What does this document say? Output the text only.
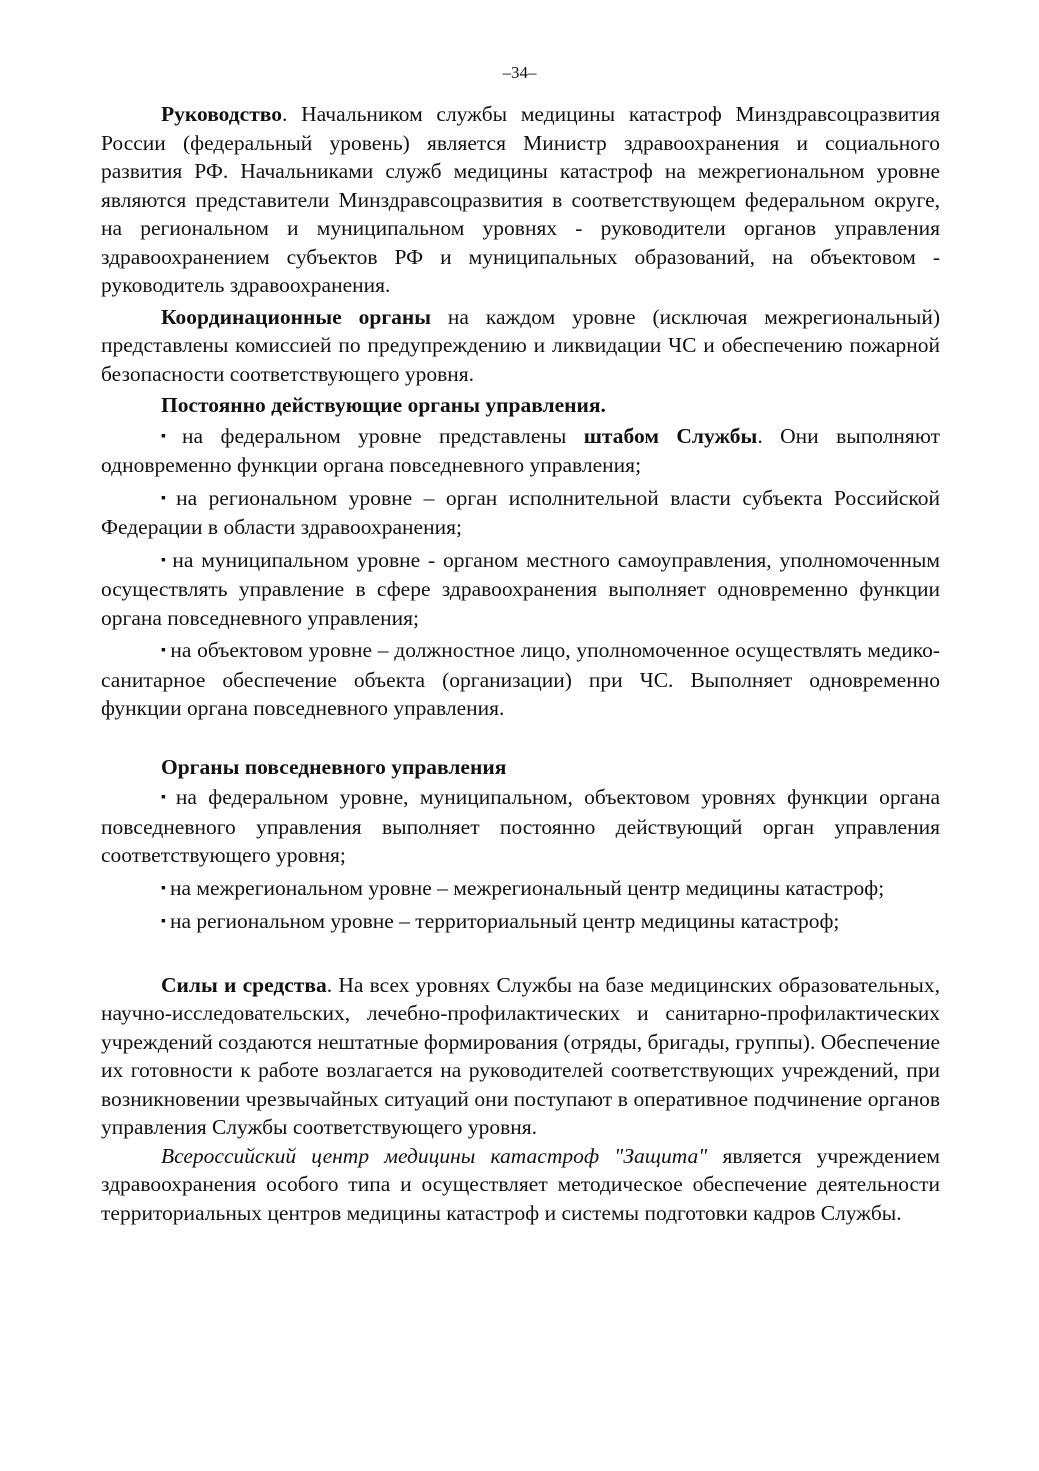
–34–

Руководство. Начальником службы медицины катастроф Минздравсоцразвития России (федеральный уровень) является Министр здравоохранения и социального развития РФ. Начальниками служб медицины катастроф на межрегиональном уровне являются представители Минздравсоцразвития в соответствующем федеральном округе, на региональном и муниципальном уровнях - руководители органов управления здравоохранением субъектов РФ и муниципальных образований, на объектовом - руководитель здравоохранения.

Координационные органы на каждом уровне (исключая межрегиональный) представлены комиссией по предупреждению и ликвидации ЧС и обеспечению пожарной безопасности соответствующего уровня.

Постоянно действующие органы управления.

▪ на федеральном уровне представлены штабом Службы. Они выполняют одновременно функции органа повседневного управления;

▪ на региональном уровне – орган исполнительной власти субъекта Российской Федерации в области здравоохранения;

▪ на муниципальном уровне - органом местного самоуправления, уполномоченным осуществлять управление в сфере здравоохранения выполняет одновременно функции органа повседневного управления;

▪ на объектовом уровне – должностное лицо, уполномоченное осуществлять медико-санитарное обеспечение объекта (организации) при ЧС. Выполняет одновременно функции органа повседневного управления.

Органы повседневного управления

▪ на федеральном уровне, муниципальном, объектовом уровнях функции органа повседневного управления выполняет постоянно действующий орган управления соответствующего уровня;

▪ на межрегиональном уровне – межрегиональный центр медицины катастроф;

▪ на региональном уровне – территориальный центр медицины катастроф;

Силы и средства. На всех уровнях Службы на базе медицинских образовательных, научно-исследовательских, лечебно-профилактических и санитарно-профилактических учреждений создаются нештатные формирования (отряды, бригады, группы). Обеспечение их готовности к работе возлагается на руководителей соответствующих учреждений, при возникновении чрезвычайных ситуаций они поступают в оперативное подчинение органов управления Службы соответствующего уровня.

Всероссийский центр медицины катастроф "Защита" является учреждением здравоохранения особого типа и осуществляет методическое обеспечение деятельности территориальных центров медицины катастроф и системы подготовки кадров Службы.
